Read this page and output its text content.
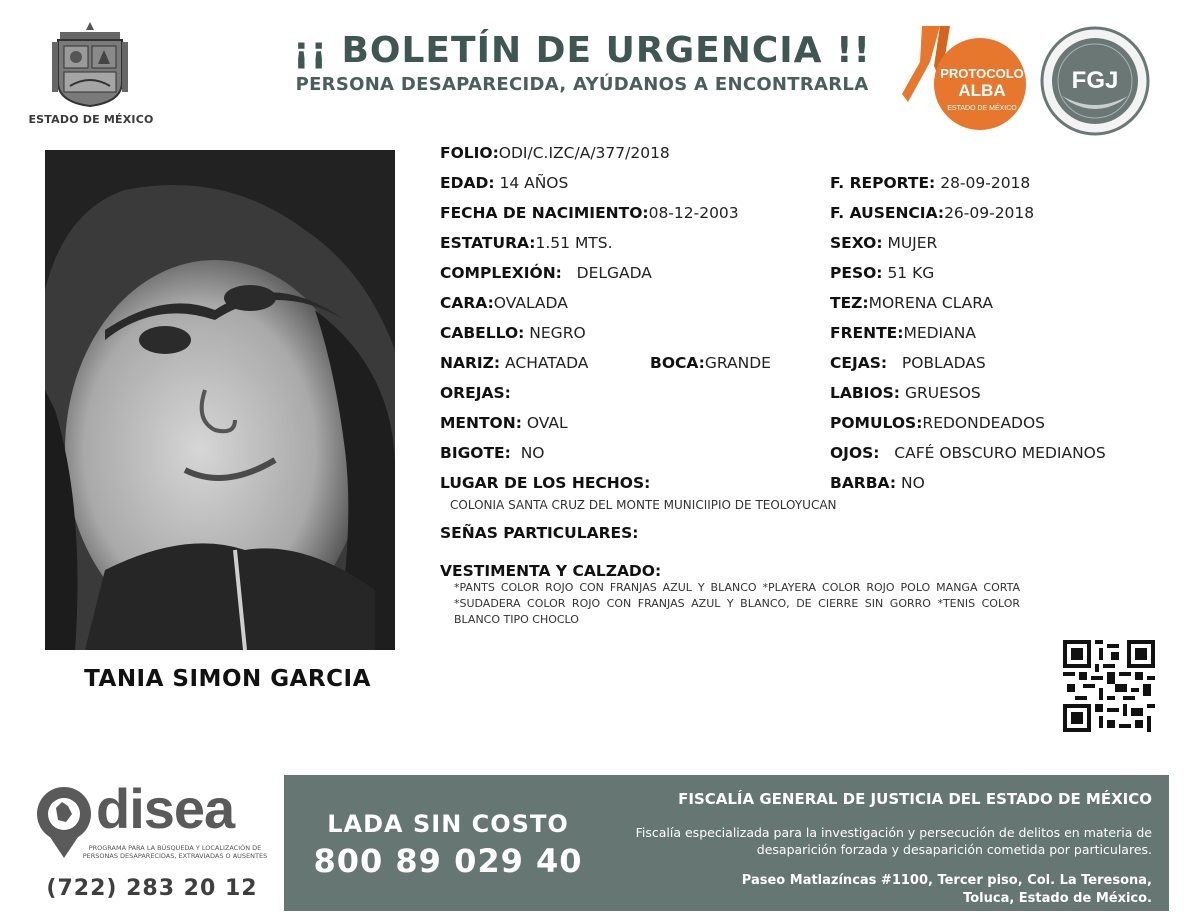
ESTADO DE MÉXICO
¡¡ BOLETÍN DE URGENCIA !!
PERSONA DESAPARECIDA, AYÚDANOS A ENCONTRARLA
PROTOCOLO
ALBA
ESTADO DE MÉXICO
FGJ
TANIA SIMON GARCIA
FOLIO:ODI/C.IZC/A/377/2018
EDAD: 14 AÑOS
FECHA DE NACIMIENTO:08-12-2003
ESTATURA:1.51 MTS.
COMPLEXIÓN: DELGADA
CARA:OVALADA
CABELLO: NEGRO
NARIZ: ACHATADA	BOCA:GRANDE
OREJAS:
MENTON: OVAL
BIGOTE: NO
LUGAR DE LOS HECHOS:
COLONIA SANTA CRUZ DEL MONTE MUNICIIPIO DE TEOLOYUCAN
SEÑAS PARTICULARES:
VESTIMENTA Y CALZADO:
*PANTS COLOR ROJO CON FRANJAS AZUL Y BLANCO *PLAYERA COLOR ROJO POLO MANGA CORTA *SUDADERA COLOR ROJO CON FRANJAS AZUL Y BLANCO, DE CIERRE SIN GORRO *TENIS COLOR BLANCO TIPO CHOCLO
F. REPORTE: 28-09-2018
F. AUSENCIA:26-09-2018
SEXO: MUJER
PESO: 51 KG
TEZ:MORENA CLARA
FRENTE:MEDIANA
CEJAS: POBLADAS
LABIOS: GRUESOS
POMULOS:REDONDEADOS
OJOS: CAFÉ OBSCURO MEDIANOS
BARBA: NO
disea
PROGRAMA PARA LA BÚSQUEDA Y LOCALIZACIÓN DE PERSONAS DESAPARECIDAS, EXTRAVIADAS O AUSENTES
(722) 283 20 12
LADA SIN COSTO
800 89 029 40
FISCALÍA GENERAL DE JUSTICIA DEL ESTADO DE MÉXICO
Fiscalía especializada para la investigación y persecución de delitos en materia de desaparición forzada y desaparición cometida por particulares.
Paseo Matlazíncas #1100, Tercer piso, Col. La Teresona,
Toluca, Estado de México.
